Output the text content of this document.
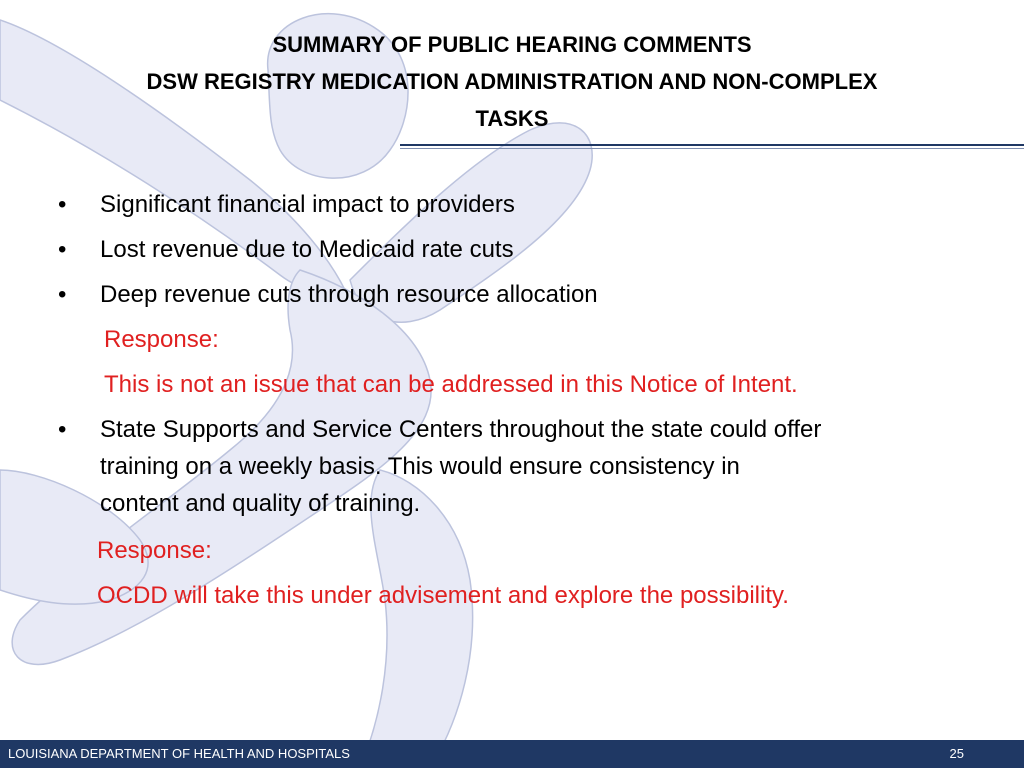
SUMMARY OF PUBLIC HEARING COMMENTS
DSW REGISTRY MEDICATION ADMINISTRATION AND NON-COMPLEX
TASKS
•	Significant financial impact to providers
•	Lost revenue due to Medicaid rate cuts
•	Deep revenue cuts through resource allocation
Response:
This is not an issue that can be addressed in this Notice of Intent.
•	State Supports and Service Centers throughout the state could offer
training on a weekly basis. This would ensure consistency in
content and quality of training.
Response:
OCDD will take this under advisement and explore the possibility.
LOUISIANA DEPARTMENT OF HEALTH AND HOSPITALS	25
